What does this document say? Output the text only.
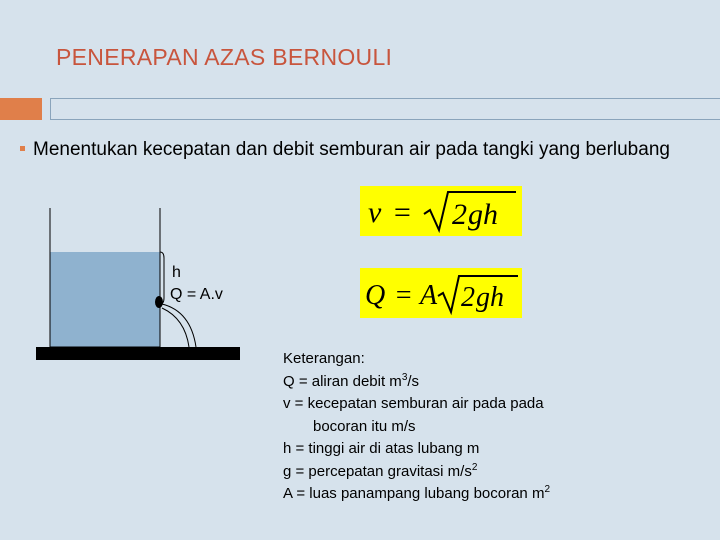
PENERAPAN AZAS BERNOULI
Menentukan kecepatan dan debit semburan air pada tangki yang berlubang
v = 2 gh
Q = A 2 gh
h
Q = A.v
Keterangan:
Q = aliran debit $m^3/s$
v = kecepatan semburan air pada pada
bocoran itu m/s
h = tinggi air di atas lubang m
g = percepatan gravitasi $m/s^2$
A = luas panampang lubang bocoran $m^2$
